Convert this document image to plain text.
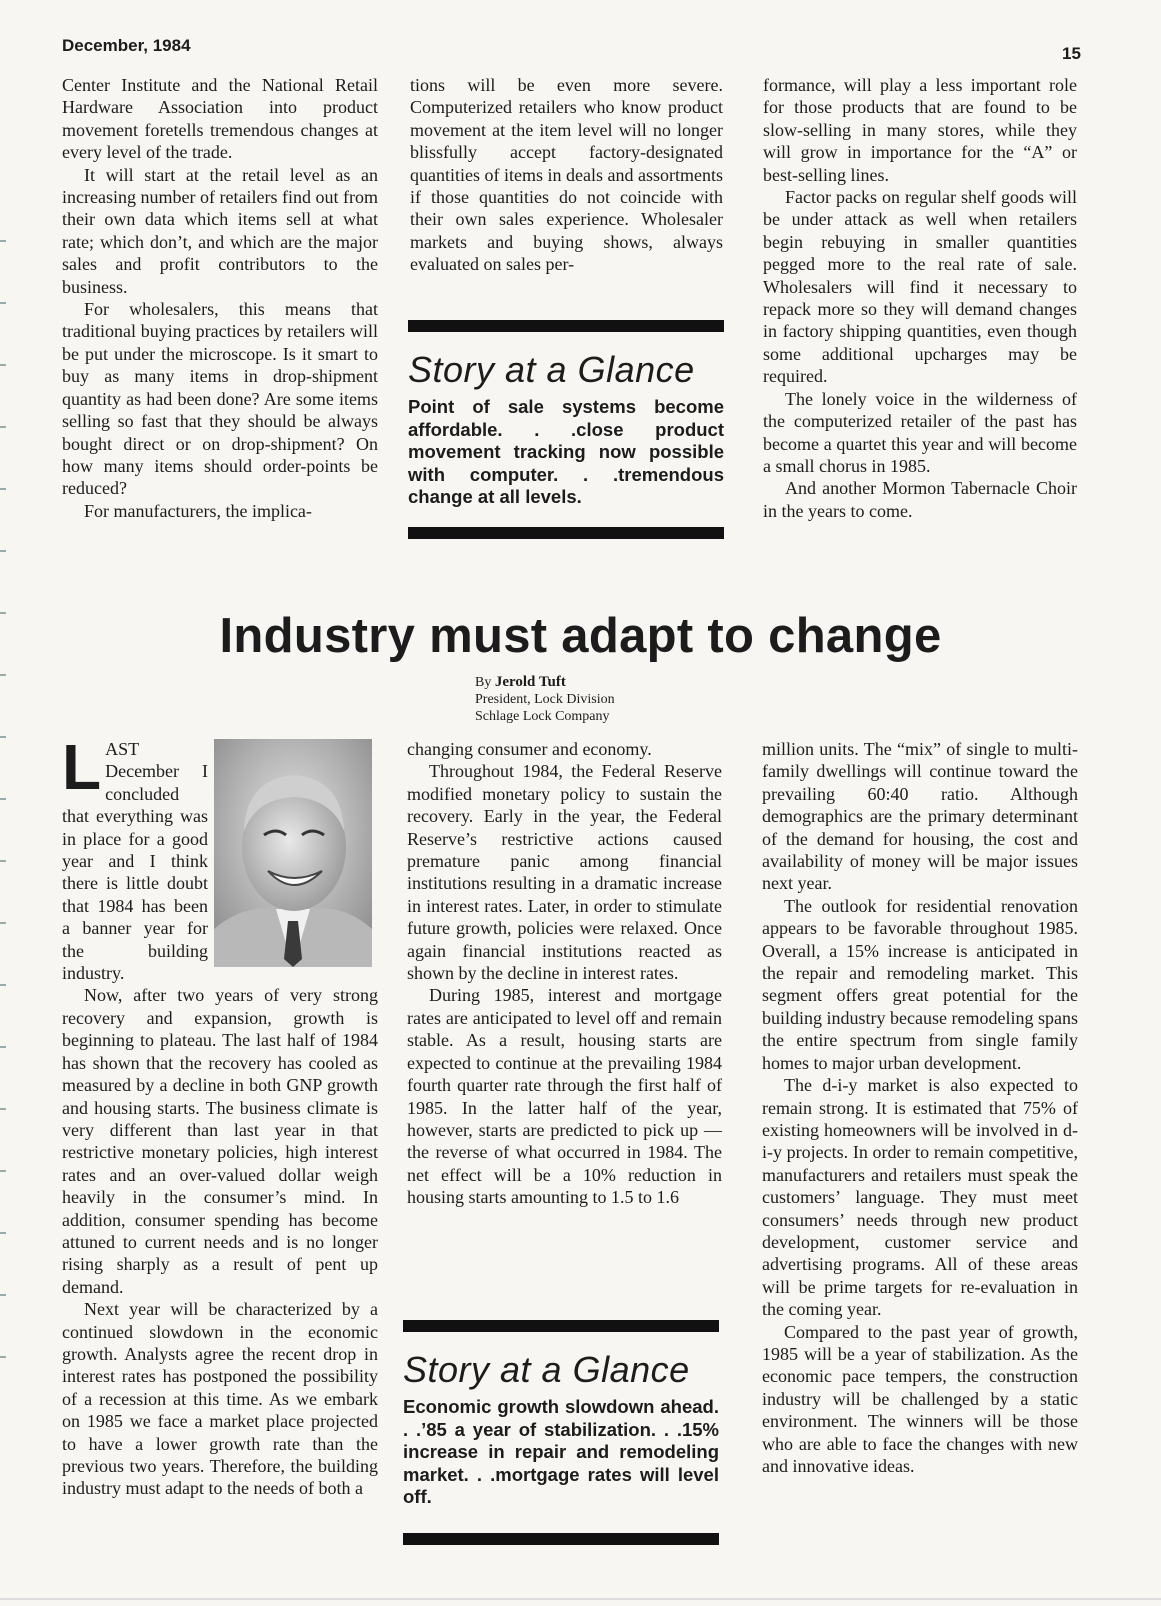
December, 1984	15

Center Institute and the National Retail Hardware Association into product movement foretells tremendous changes at every level of the trade.

It will start at the retail level as an increasing number of retailers find out from their own data which items sell at what rate; which don’t, and which are the major sales and profit contributors to the business.

For wholesalers, this means that traditional buying practices by retailers will be put under the microscope. Is it smart to buy as many items in drop-shipment quantity as had been done? Are some items selling so fast that they should be always bought direct or on drop-shipment? On how many items should order-points be reduced?

For manufacturers, the implica-

tions will be even more severe. Computerized retailers who know product movement at the item level will no longer blissfully accept factory-designated quantities of items in deals and assortments if those quantities do not coincide with their own sales experience. Wholesaler markets and buying shows, always evaluated on sales per-

formance, will play a less important role for those products that are found to be slow-selling in many stores, while they will grow in importance for the “A” or best-selling lines.

Factor packs on regular shelf goods will be under attack as well when retailers begin rebuying in smaller quantities pegged more to the real rate of sale. Wholesalers will find it necessary to repack more so they will demand changes in factory shipping quantities, even though some additional upcharges may be required.

The lonely voice in the wilderness of the computerized retailer of the past has become a quartet this year and will become a small chorus in 1985.

And another Mormon Tabernacle Choir in the years to come.

Story at a Glance
Point of sale systems become affordable. . .close product movement tracking now possible with computer. . .tremendous change at all levels.
Industry must adapt to change
By Jerold Tuft
President, Lock Division
Schlage Lock Company
LAST December I concluded that everything was in place for a good year and I think there is little doubt that 1984 has been a banner year for the building industry.

Now, after two years of very strong recovery and expansion, growth is beginning to plateau. The last half of 1984 has shown that the recovery has cooled as measured by a decline in both GNP growth and housing starts. The business climate is very different than last year in that restrictive monetary policies, high interest rates and an over-valued dollar weigh heavily in the consumer’s mind. In addition, consumer spending has become attuned to current needs and is no longer rising sharply as a result of pent up demand.

Next year will be characterized by a continued slowdown in the economic growth. Analysts agree the recent drop in interest rates has postponed the possibility of a recession at this time. As we embark on 1985 we face a market place projected to have a lower growth rate than the previous two years. Therefore, the building industry must adapt to the needs of both a

changing consumer and economy.

Throughout 1984, the Federal Reserve modified monetary policy to sustain the recovery. Early in the year, the Federal Reserve’s restrictive actions caused premature panic among financial institutions resulting in a dramatic increase in interest rates. Later, in order to stimulate future growth, policies were relaxed. Once again financial institutions reacted as shown by the decline in interest rates.

During 1985, interest and mortgage rates are anticipated to level off and remain stable. As a result, housing starts are expected to continue at the prevailing 1984 fourth quarter rate through the first half of 1985. In the latter half of the year, however, starts are predicted to pick up — the reverse of what occurred in 1984. The net effect will be a 10% reduction in housing starts amounting to 1.5 to 1.6

million units. The “mix” of single to multi-family dwellings will continue toward the prevailing 60:40 ratio. Although demographics are the primary determinant of the demand for housing, the cost and availability of money will be major issues next year.

The outlook for residential renovation appears to be favorable throughout 1985. Overall, a 15% increase is anticipated in the repair and remodeling market. This segment offers great potential for the building industry because remodeling spans the entire spectrum from single family homes to major urban development.

The d-i-y market is also expected to remain strong. It is estimated that 75% of existing homeowners will be involved in d-i-y projects. In order to remain competitive, manufacturers and retailers must speak the customers’ language. They must meet consumers’ needs through new product development, customer service and advertising programs. All of these areas will be prime targets for re-evaluation in the coming year.

Compared to the past year of growth, 1985 will be a year of stabilization. As the economic pace tempers, the construction industry will be challenged by a static environment. The winners will be those who are able to face the changes with new and innovative ideas.

Story at a Glance
Economic growth slowdown ahead. . .’85 a year of stabilization. . .15% increase in repair and remodeling market. . .mortgage rates will level off.
